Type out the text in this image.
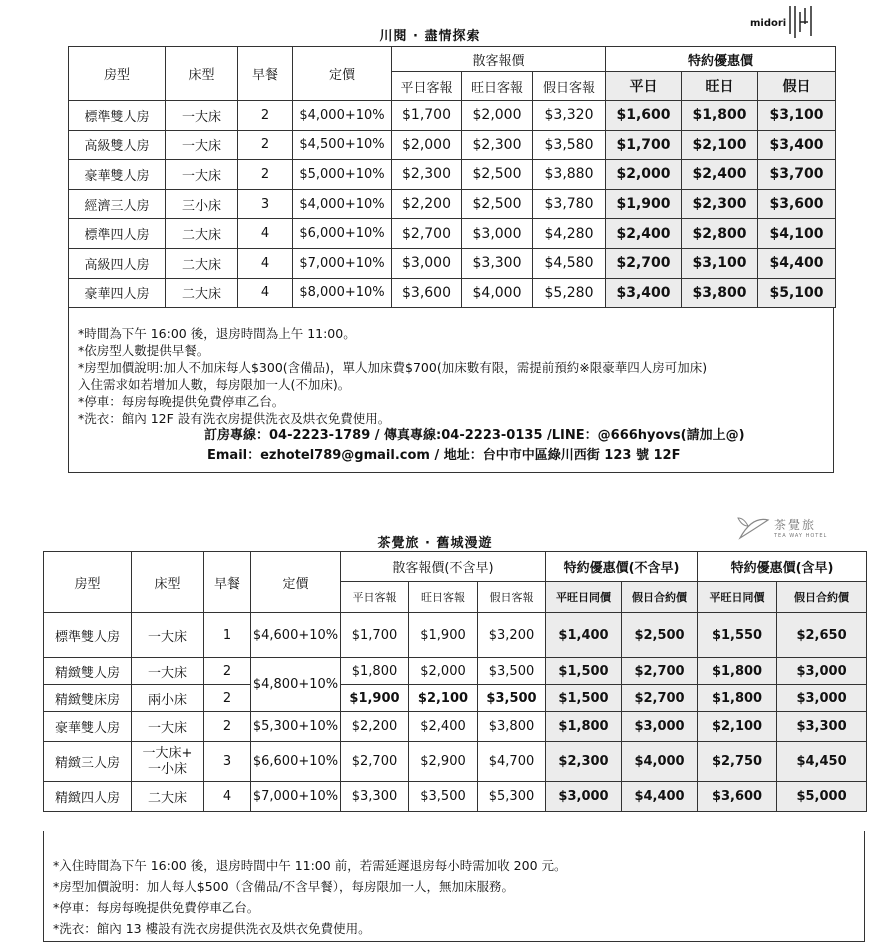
川閱 · 盡情探索
midori
房型	床型	早餐	定價	散客報價			特約優惠價		
				平日客報	旺日客報	假日客報	平日	旺日	假日
標準雙人房	一大床	2	$4,000+10%	$1,700	$2,000	$3,320	$1,600	$1,800	$3,100
高級雙人房	一大床	2	$4,500+10%	$2,000	$2,300	$3,580	$1,700	$2,100	$3,400
豪華雙人房	一大床	2	$5,000+10%	$2,300	$2,500	$3,880	$2,000	$2,400	$3,700
經濟三人房	三小床	3	$4,000+10%	$2,200	$2,500	$3,780	$1,900	$2,300	$3,600
標準四人房	二大床	4	$6,000+10%	$2,700	$3,000	$4,280	$2,400	$2,800	$4,100
高級四人房	二大床	4	$7,000+10%	$3,000	$3,300	$4,580	$2,700	$3,100	$4,400
豪華四人房	二大床	4	$8,000+10%	$3,600	$4,000	$5,280	$3,400	$3,800	$5,100
*時間為下午 16:00 後，退房時間為上午 11:00。
*依房型人數提供早餐。
*房型加價說明:加人不加床每人$300(含備品)，單人加床費$700(加床數有限，需提前預約※限豪華四人房可加床)
入住需求如若增加人數，每房限加一人(不加床)。
*停車：每房每晚提供免費停車乙台。
*洗衣：館內 12F 設有洗衣房提供洗衣及烘衣免費使用。
訂房專線：04-2223-1789 / 傳真專線:04-2223-0135 /LINE：@666hyovs(請加上@)
Email：ezhotel789@gmail.com / 地址：台中市中區綠川西街 123 號 12F
茶覺旅
TEA WAY HOTEL
茶覺旅 · 舊城漫遊
房型	床型	早餐	定價	散客報價(不含早)			特約優惠價(不含早)		特約優惠價(含早)	
				平日客報	旺日客報	假日客報	平旺日同價	假日合約價	平旺日同價	假日合約價
標準雙人房	一大床	1	$4,600+10%	$1,700	$1,900	$3,200	$1,400	$2,500	$1,550	$2,650
精緻雙人房	一大床	2	$4,800+10%	$1,800	$2,000	$3,500	$1,500	$2,700	$1,800	$3,000
精緻雙床房	兩小床	2		$1,900	$2,100	$3,500	$1,500	$2,700	$1,800	$3,000
豪華雙人房	一大床	2	$5,300+10%	$2,200	$2,400	$3,800	$1,800	$3,000	$2,100	$3,300
精緻三人房	一大床+
一小床	3	$6,600+10%	$2,700	$2,900	$4,700	$2,300	$4,000	$2,750	$4,450
精緻四人房	二大床	4	$7,000+10%	$3,300	$3,500	$5,300	$3,000	$4,400	$3,600	$5,000
*入住時間為下午 16:00 後，退房時間中午 11:00 前，若需延遲退房每小時需加收 200 元。
*房型加價說明：加人每人$500（含備品/不含早餐），每房限加一人，無加床服務。
*停車：每房每晚提供免費停車乙台。
*洗衣：館內 13 樓設有洗衣房提供洗衣及烘衣免費使用。
